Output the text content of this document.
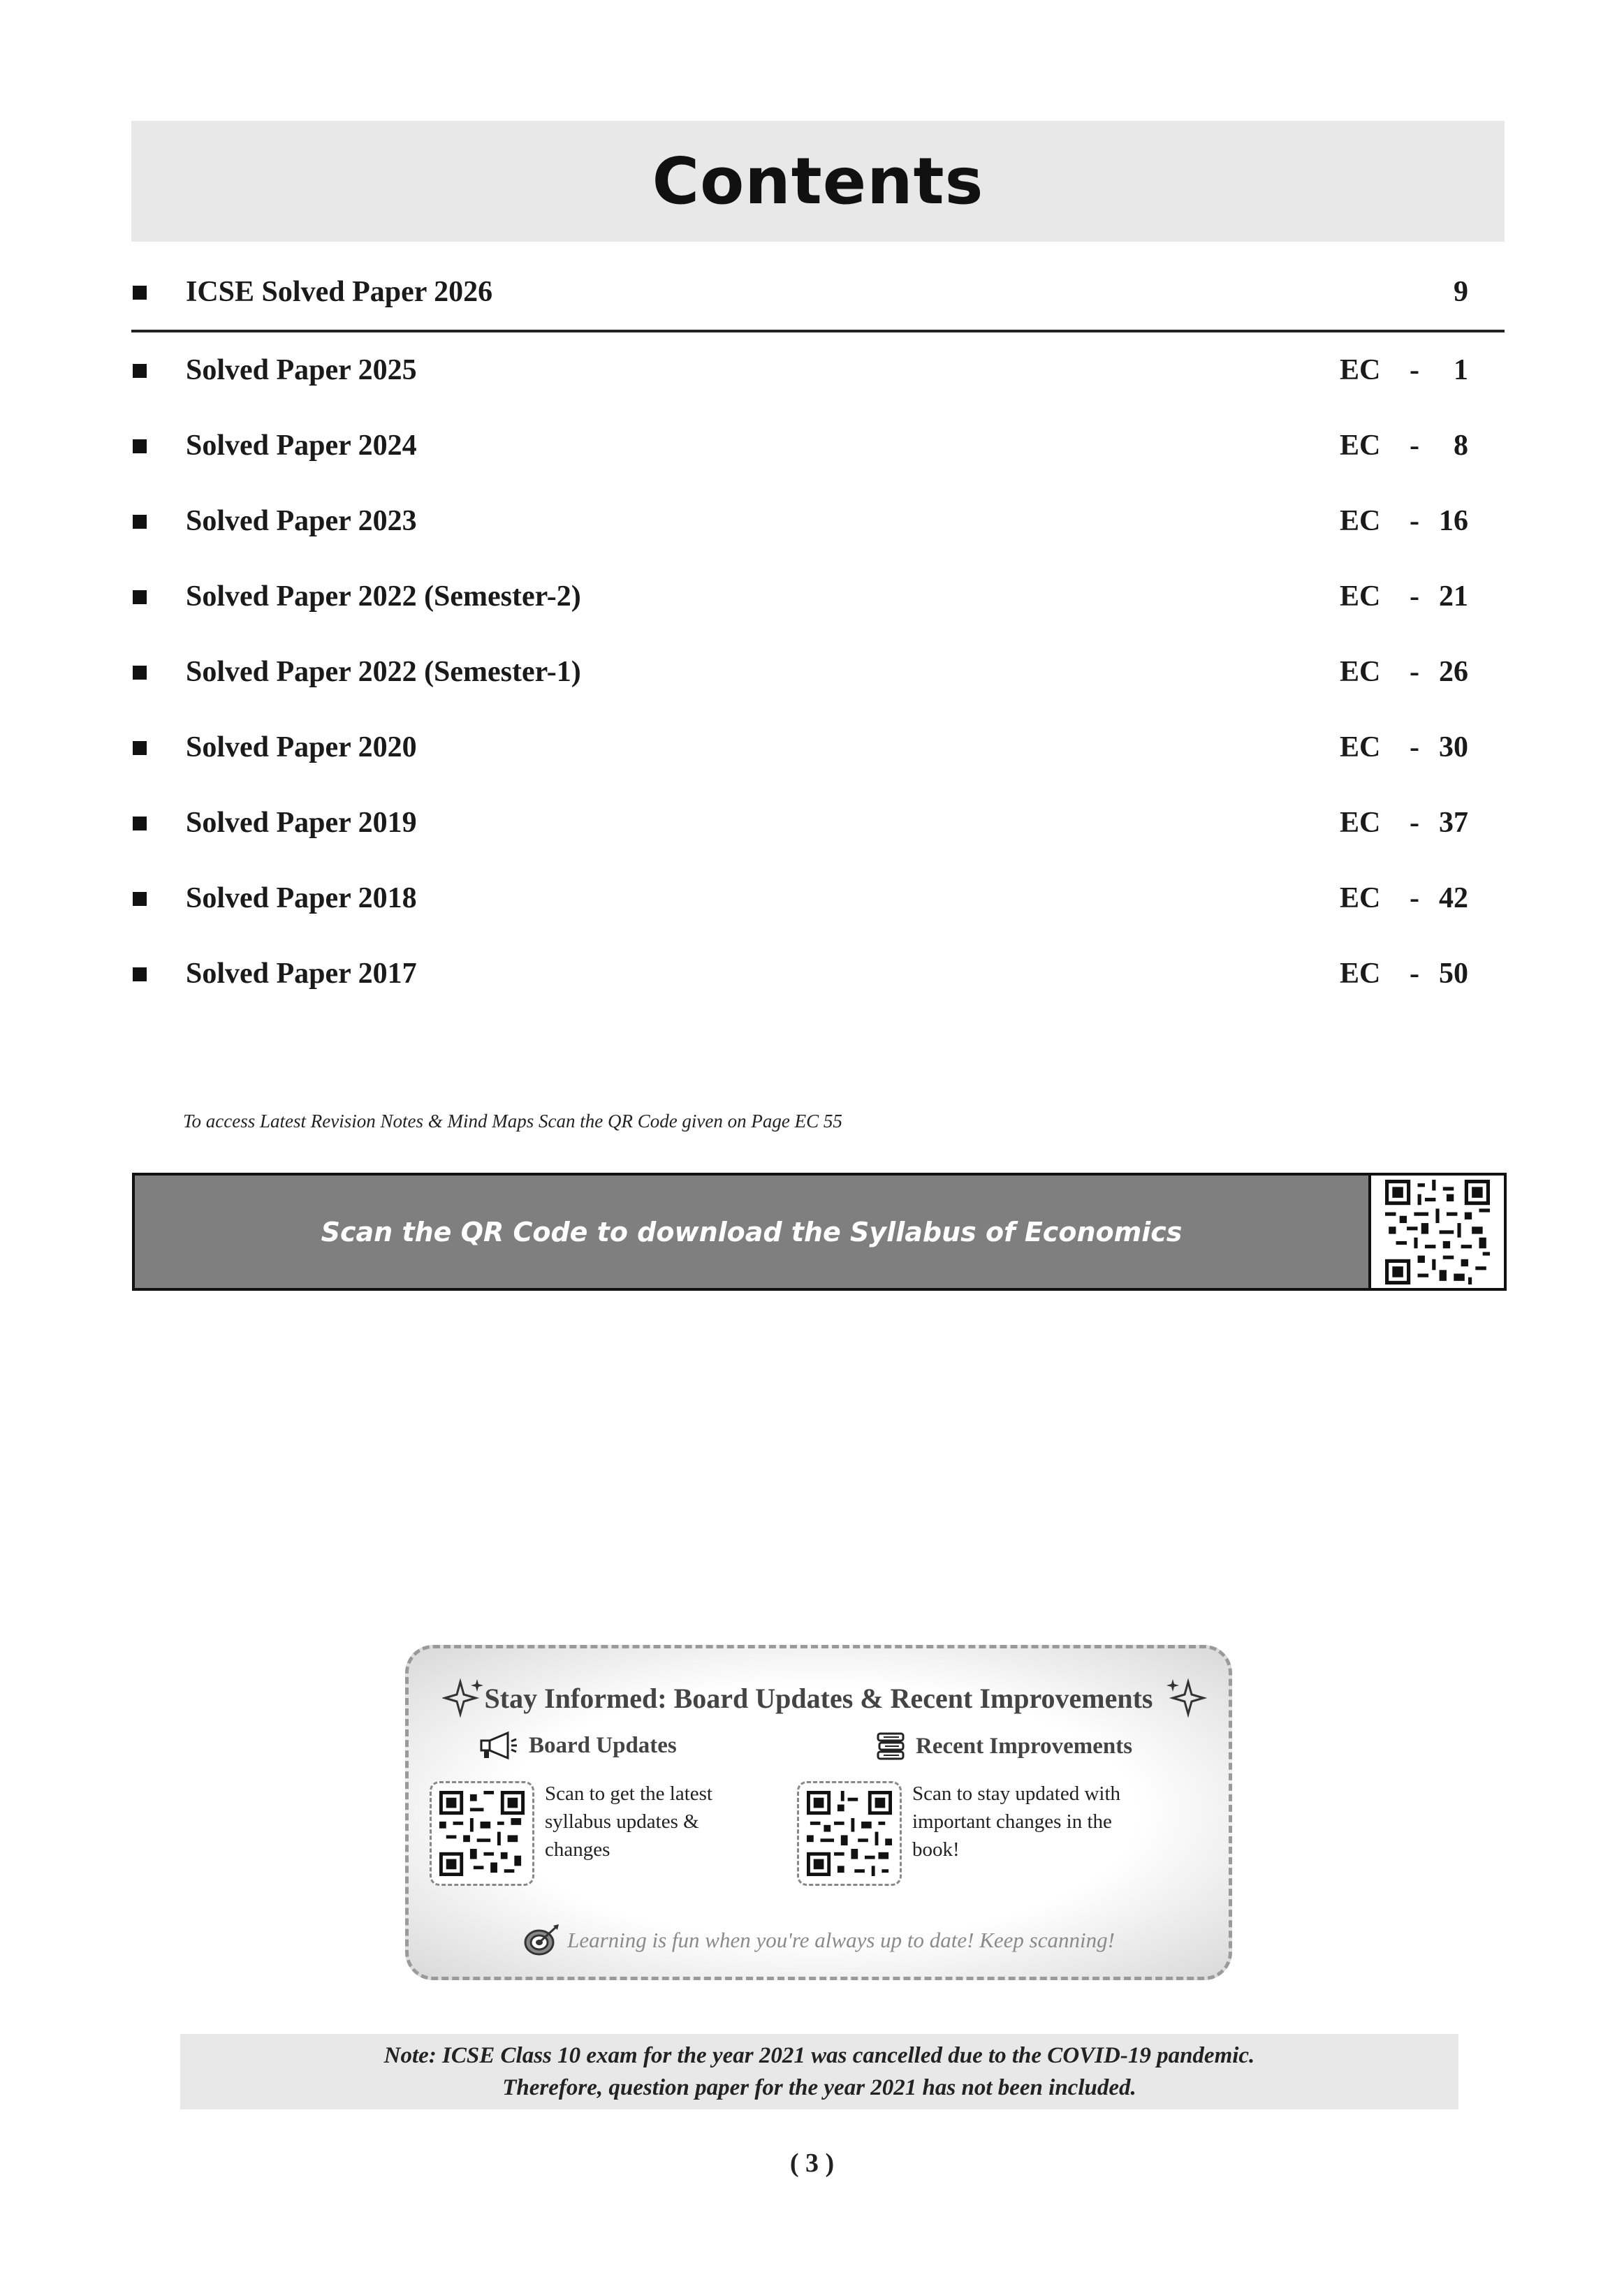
Contents
ICSE Solved Paper 2026	9
Solved Paper 2025	EC - 1
Solved Paper 2024	EC - 8
Solved Paper 2023	EC - 16
Solved Paper 2022 (Semester-2)	EC - 21
Solved Paper 2022 (Semester-1)	EC - 26
Solved Paper 2020	EC - 30
Solved Paper 2019	EC - 37
Solved Paper 2018	EC - 42
Solved Paper 2017	EC - 50
To access Latest Revision Notes & Mind Maps Scan the QR Code given on Page EC 55
Scan the QR Code to download the Syllabus of Economics
Stay Informed: Board Updates & Recent Improvements
Board Updates	Recent Improvements
Scan to get the latest syllabus updates & changes
Scan to stay updated with important changes in the book!
Learning is fun when you're always up to date! Keep scanning!
Note: ICSE Class 10 exam for the year 2021 was cancelled due to the COVID-19 pandemic.
Therefore, question paper for the year 2021 has not been included.
( 3 )
